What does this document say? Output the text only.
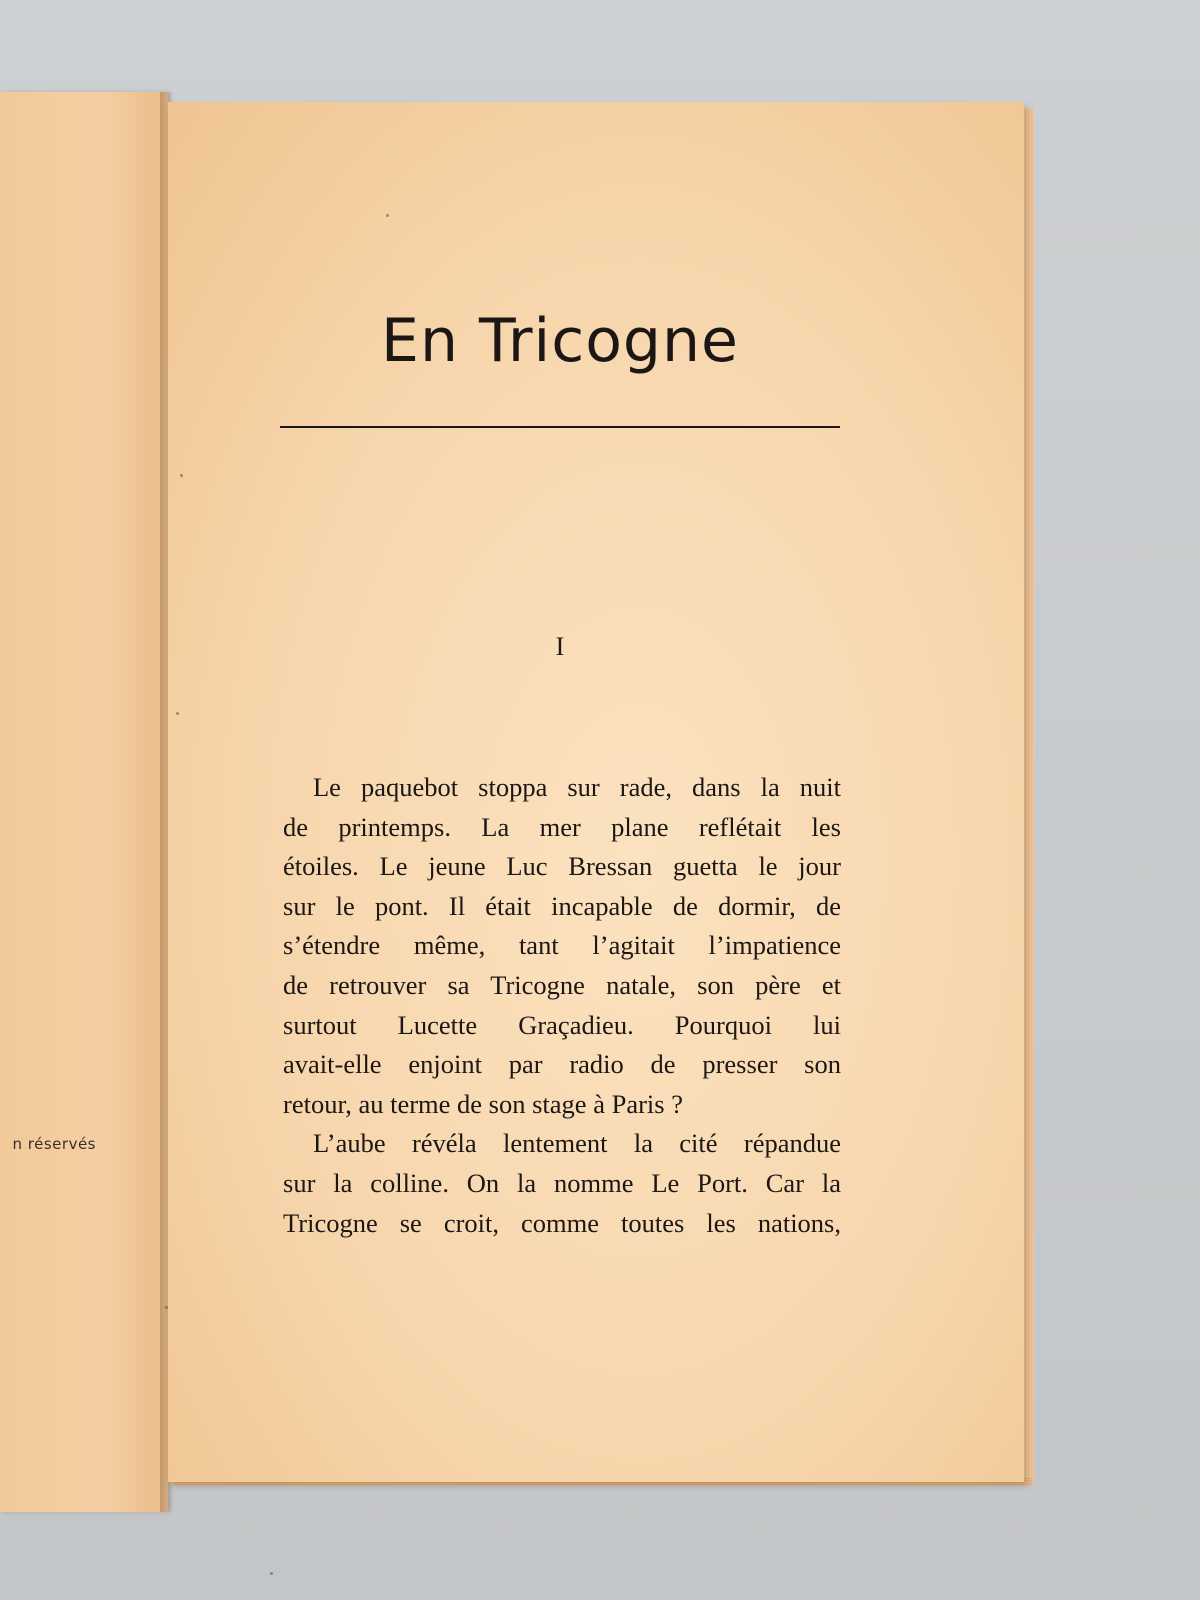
n réservés
En Tricogne

I

Le paquebot stoppa sur rade, dans la nuit
de printemps. La mer plane reflétait les
étoiles. Le jeune Luc Bressan guetta le jour
sur le pont. Il était incapable de dormir, de
s’étendre même, tant l’agitait l’impatience
de retrouver sa Tricogne natale, son père et
surtout Lucette Graçadieu. Pourquoi lui
avait-elle enjoint par radio de presser son
retour, au terme de son stage à Paris ?
L’aube révéla lentement la cité répandue
sur la colline. On la nomme Le Port. Car la
Tricogne se croit, comme toutes les nations,
